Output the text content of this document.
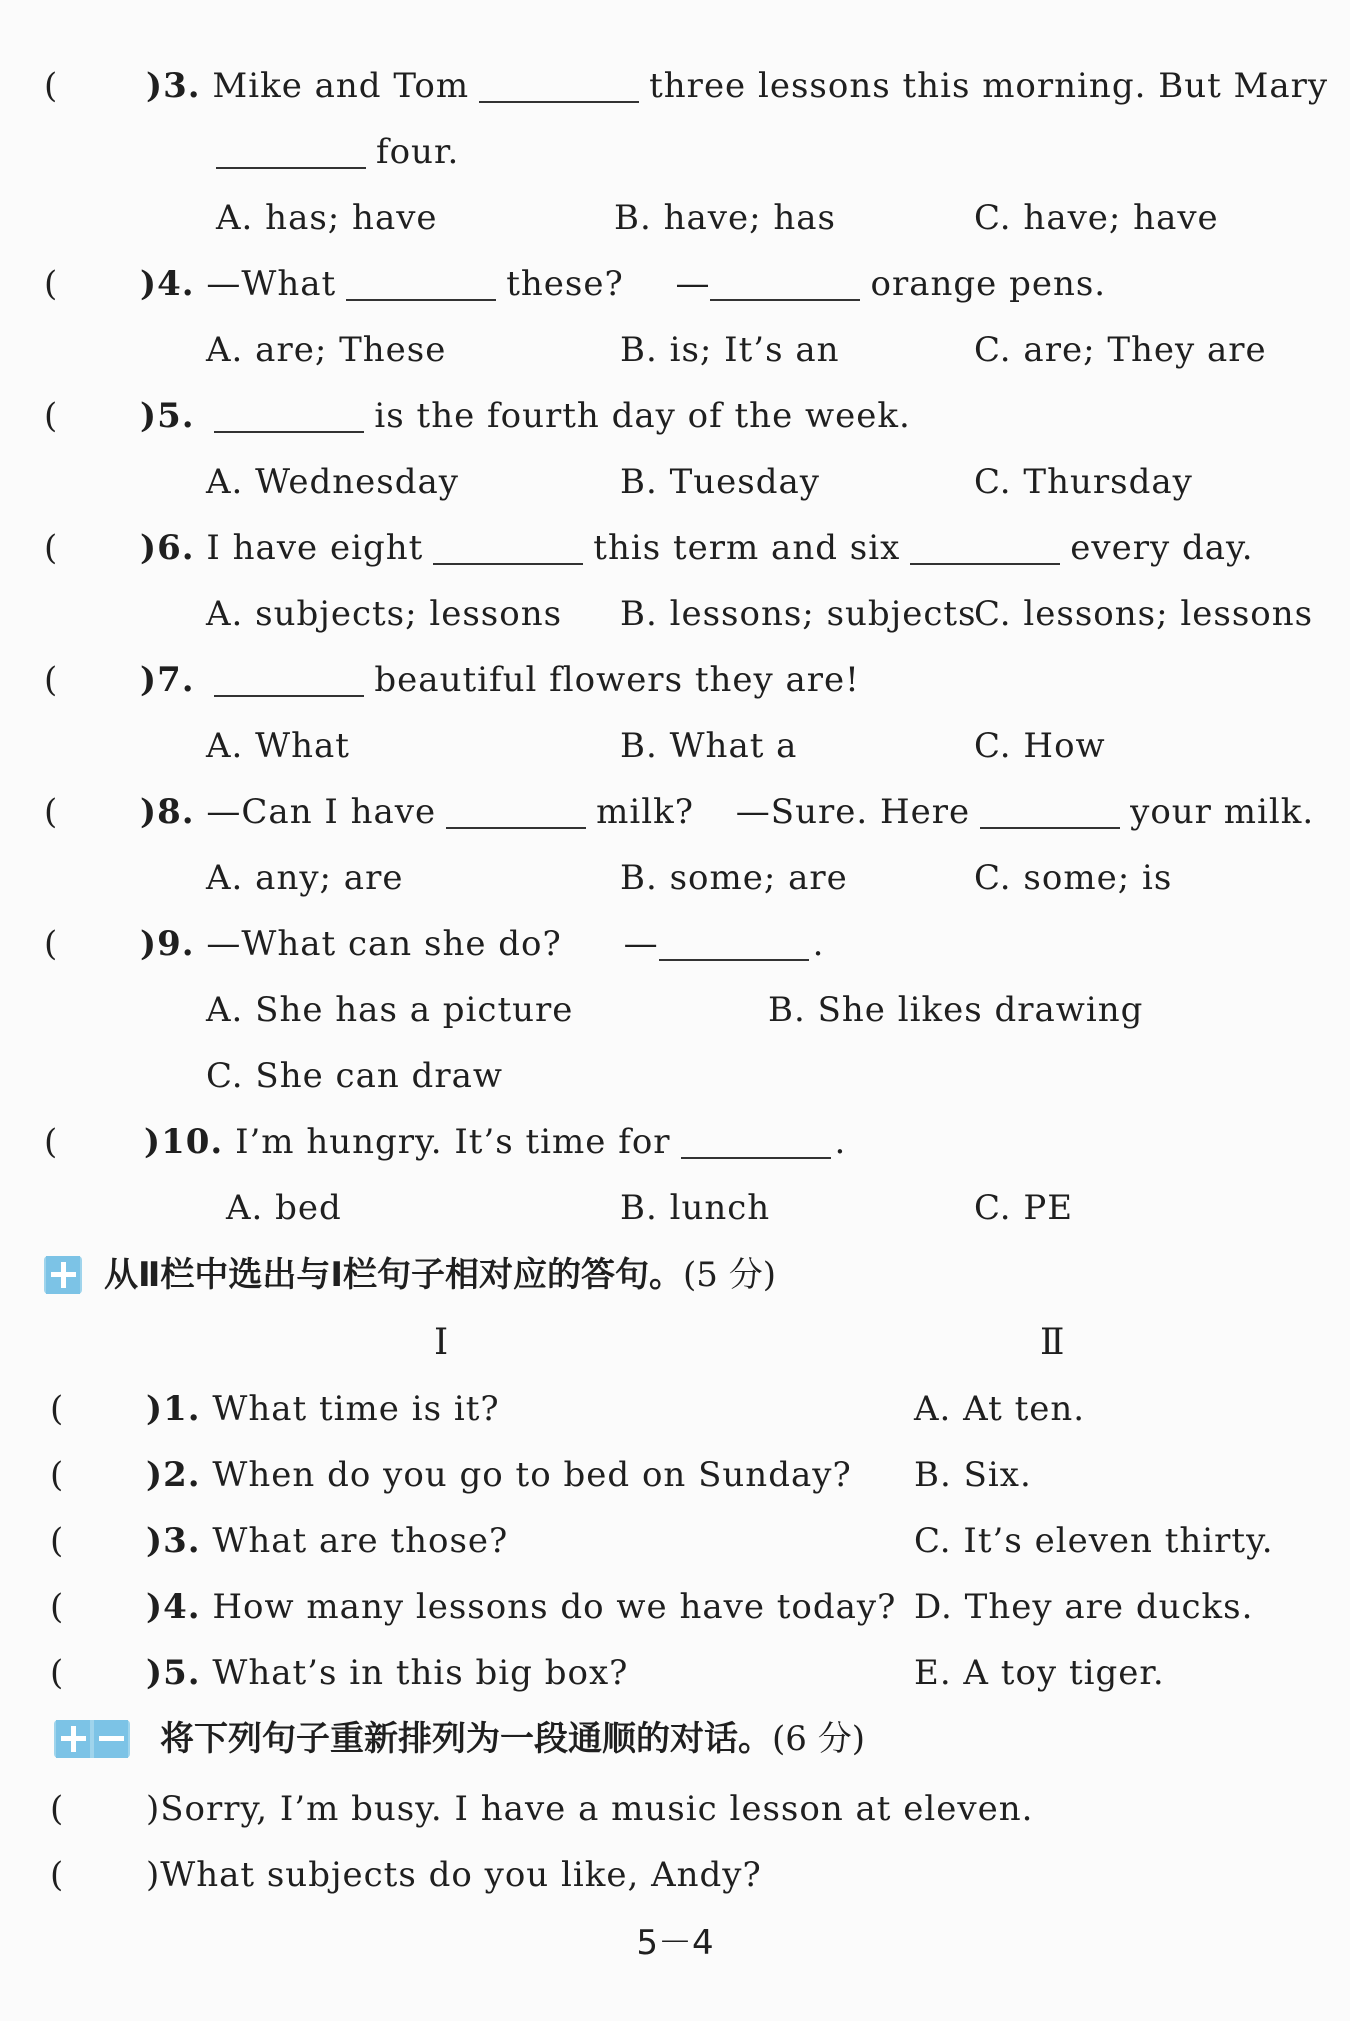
(	)3. Mike and Tom	three lessons this morning. But Mary
four.
A. has; have	B. have; has	C. have; have
( )4. —What	these? —	orange pens.
A. are; These	B. is; It’s an	C. are; They are
( )5.	is the fourth day of the week.
A. Wednesday	B. Tuesday	C. Thursday
( )6. I have eight	this term and six	every day.
A. subjects; lessons B. lessons; subjects
C. lessons; lessons
( )7.	beautiful flowers they are!
A. What	B. What a	C. How
( )8. —Can I have	milk? —Sure. Here	your milk.
A. any; are	B. some; are	C. some; is
( )9. —What can she do? —	.
A. She has a picture	B. She likes drawing
C. She can draw
(	)10. I’m hungry. It’s time for	.
A. bed	B. lunch	C. PE
从Ⅱ栏中选出与Ⅰ栏句子相对应的答句。(5 分)
Ⅰ	Ⅱ
( )1. What time is it?	A. At ten.
( )2. When do you go to bed on Sunday? B. Six.
( )3. What are those?	C. It’s eleven thirty.
( )4. How many lessons do we have today? D. They are ducks.
( )5. What’s in this big box?	E. A toy tiger.
将下列句子重新排列为一段通顺的对话。(6 分)
( )Sorry, I’m busy. I have a music lesson at eleven.
( )What subjects do you like, Andy?
5－4
